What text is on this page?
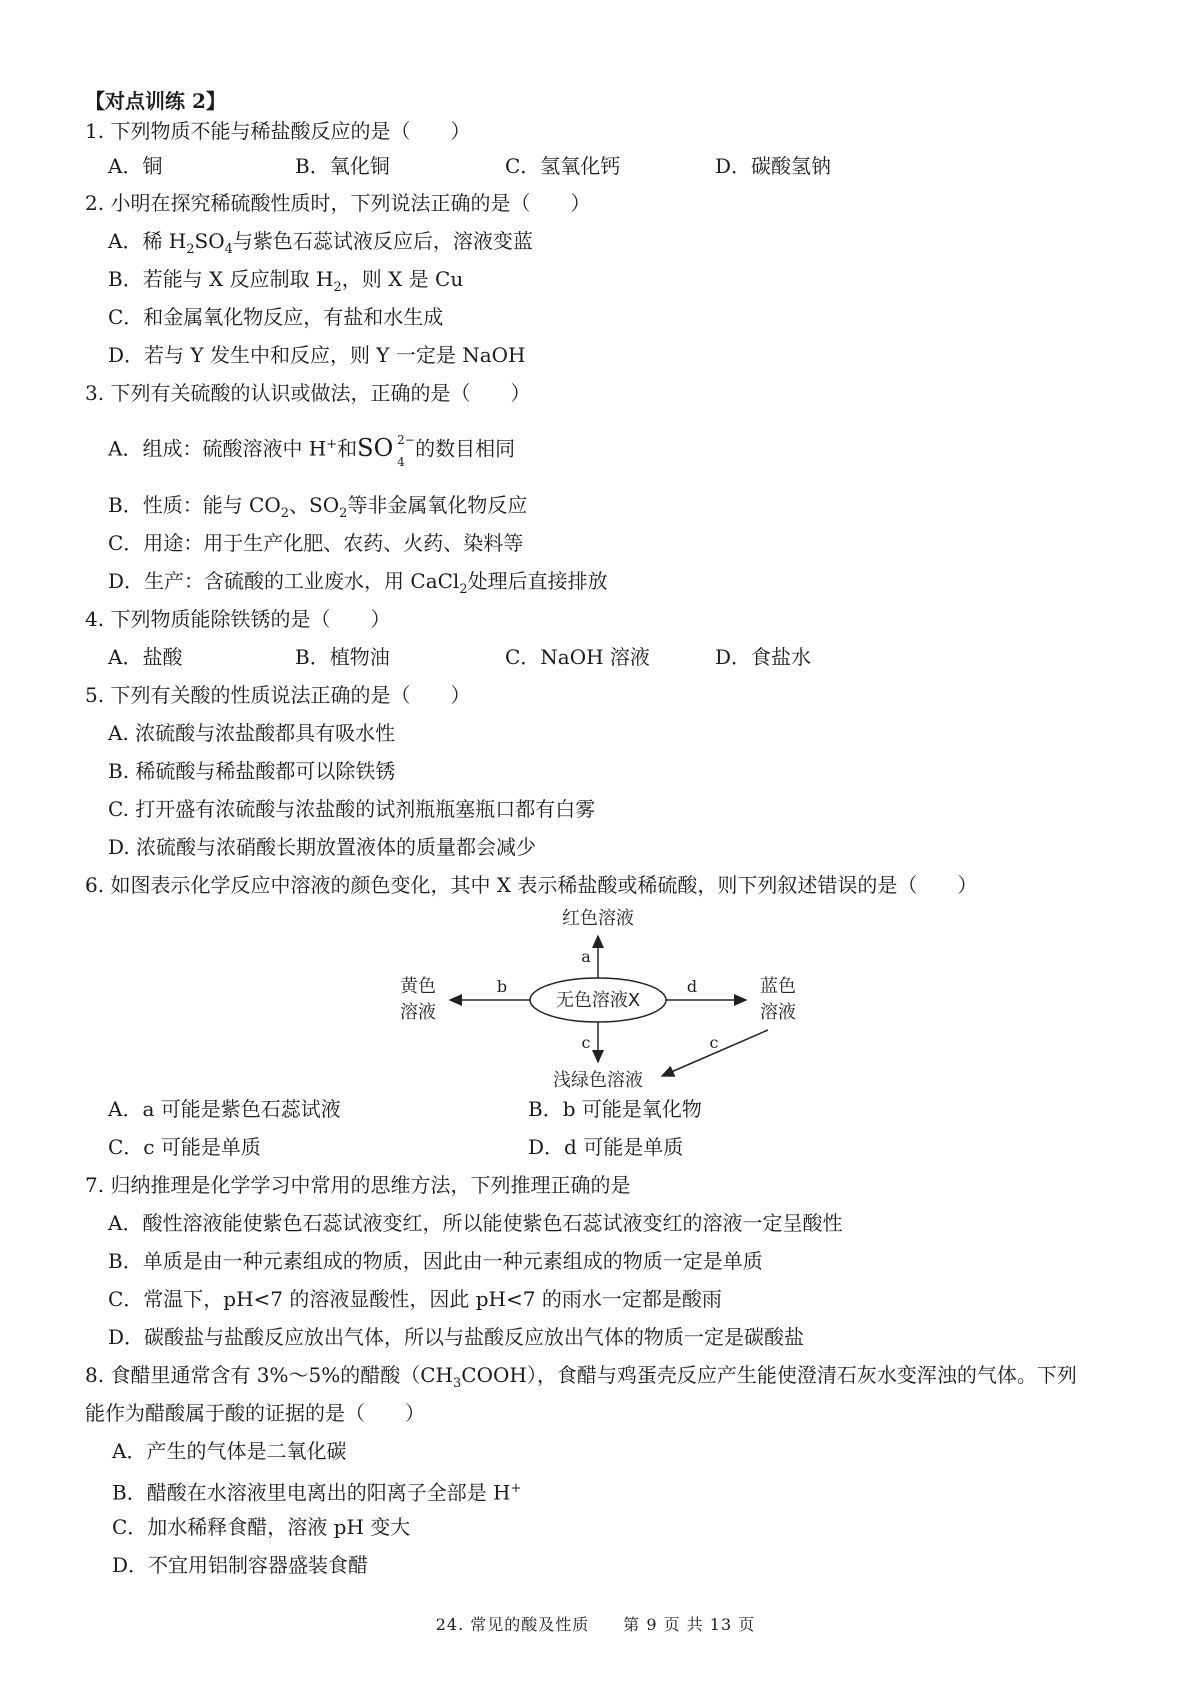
【对点训练 2】
1. 下列物质不能与稀盐酸反应的是（　　）
A．铜	B．氧化铜	C．氢氧化钙	D．碳酸氢钠
2. 小明在探究稀硫酸性质时，下列说法正确的是（　　）
A．稀 $H_2SO_4$与紫色石蕊试液反应后，溶液变蓝
B．若能与 X 反应制取 $H_2$，则 X 是 Cu
C．和金属氧化物反应，有盐和水生成
D．若与 Y 发生中和反应，则 Y 一定是 NaOH
3. 下列有关硫酸的认识或做法，正确的是（　　）
A．组成：硫酸溶液中 H+和SO 2−
4
的数目相同
B．性质：能与 $CO_2$、$SO_2$等非金属氧化物反应
C．用途：用于生产化肥、农药、火药、染料等
D．生产：含硫酸的工业废水，用 CaCl$_2$处理后直接排放
4. 下列物质能除铁锈的是（　　）
A．盐酸	B．植物油	C．NaOH 溶液	D．食盐水
5. 下列有关酸的性质说法正确的是（　　）
A. 浓硫酸与浓盐酸都具有吸水性
B. 稀硫酸与稀盐酸都可以除铁锈
C. 打开盛有浓硫酸与浓盐酸的试剂瓶瓶塞瓶口都有白雾
D. 浓硫酸与浓硝酸长期放置液体的质量都会减少
6. 如图表示化学反应中溶液的颜色变化，其中 X 表示稀盐酸或稀硫酸，则下列叙述错误的是（　　）
无色溶液X
a
红色溶液
b
黄色
溶液
d	蓝色
溶液
c	c
浅绿色溶液
A．a 可能是紫色石蕊试液	B．b 可能是氧化物
C．c 可能是单质	D．d 可能是单质
7. 归纳推理是化学学习中常用的思维方法，下列推理正确的是
A．酸性溶液能使紫色石蕊试液变红，所以能使紫色石蕊试液变红的溶液一定呈酸性
B．单质是由一种元素组成的物质，因此由一种元素组成的物质一定是单质
C．常温下，pH<7 的溶液显酸性，因此 pH<7 的雨水一定都是酸雨
D．碳酸盐与盐酸反应放出气体，所以与盐酸反应放出气体的物质一定是碳酸盐
8. 食醋里通常含有 3%～5%的醋酸$(CH_3COOH)$，食醋与鸡蛋壳反应产生能使澄清石灰水变浑浊的气体。下列
能作为醋酸属于酸的证据的是（　　）
A．产生的气体是二氧化碳
B．醋酸在水溶液里电离出的阳离子全部是 H+
C．加水稀释食醋，溶液 pH 变大
D．不宜用铝制容器盛装食醋
24. 常见的酸及性质　　第 9 页 共 13 页
